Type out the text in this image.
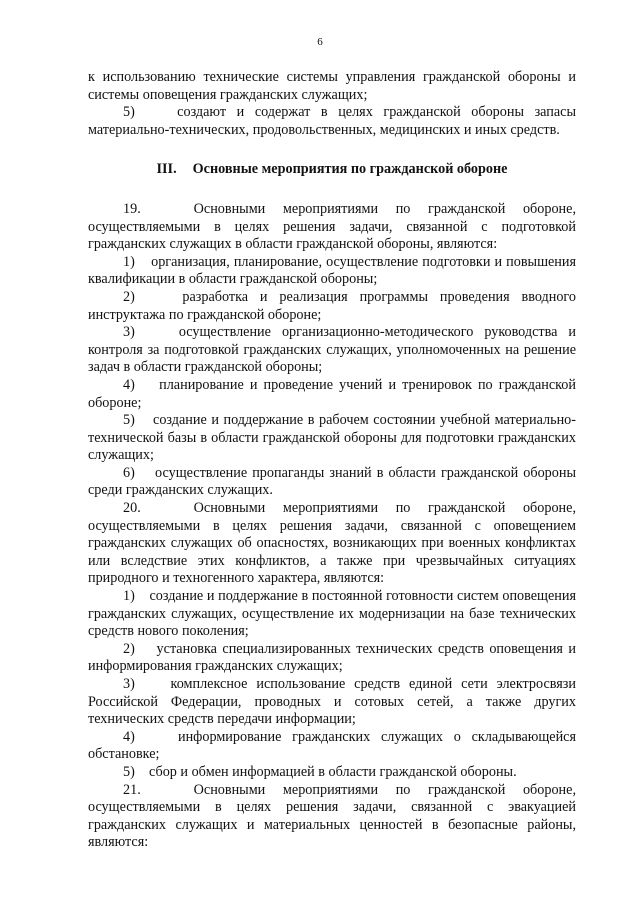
6

к использованию технические системы управления гражданской обороны и системы оповещения гражданских служащих;

5)    создают и содержат в целях гражданской обороны запасы материально-технических, продовольственных, медицинских и иных средств.

III. Основные мероприятия по гражданской обороне

19.   Основными мероприятиями по гражданской обороне, осуществляемыми в целях решения задачи, связанной с подготовкой гражданских служащих в области гражданской обороны, являются:

1)    организация, планирование, осуществление подготовки и повышения квалификации в области гражданской обороны;

2)    разработка и реализация программы проведения вводного инструктажа по гражданской обороне;

3)    осуществление организационно-методического руководства и контроля за подготовкой гражданских служащих, уполномоченных на решение задач в области гражданской обороны;

4)    планирование и проведение учений и тренировок по гражданской обороне;

5)    создание и поддержание в рабочем состоянии учебной материально-технической базы в области гражданской обороны для подготовки гражданских служащих;

6)    осуществление пропаганды знаний в области гражданской обороны среди гражданских служащих.

20.   Основными мероприятиями по гражданской обороне, осуществляемыми в целях решения задачи, связанной с оповещением гражданских служащих об опасностях, возникающих при военных конфликтах или вследствие этих конфликтов, а также при чрезвычайных ситуациях природного и техногенного характера, являются:

1)    создание и поддержание в постоянной готовности систем оповещения гражданских служащих, осуществление их модернизации на базе технических средств нового поколения;

2)    установка специализированных технических средств оповещения и информирования гражданских служащих;

3)    комплексное использование средств единой сети электросвязи Российской Федерации, проводных и сотовых сетей, а также других технических средств передачи информации;

4)    информирование гражданских служащих о складывающейся обстановке;

5)    сбор и обмен информацией в области гражданской обороны.

21.   Основными мероприятиями по гражданской обороне, осуществляемыми в целях решения задачи, связанной с эвакуацией гражданских служащих и материальных ценностей в безопасные районы, являются:
